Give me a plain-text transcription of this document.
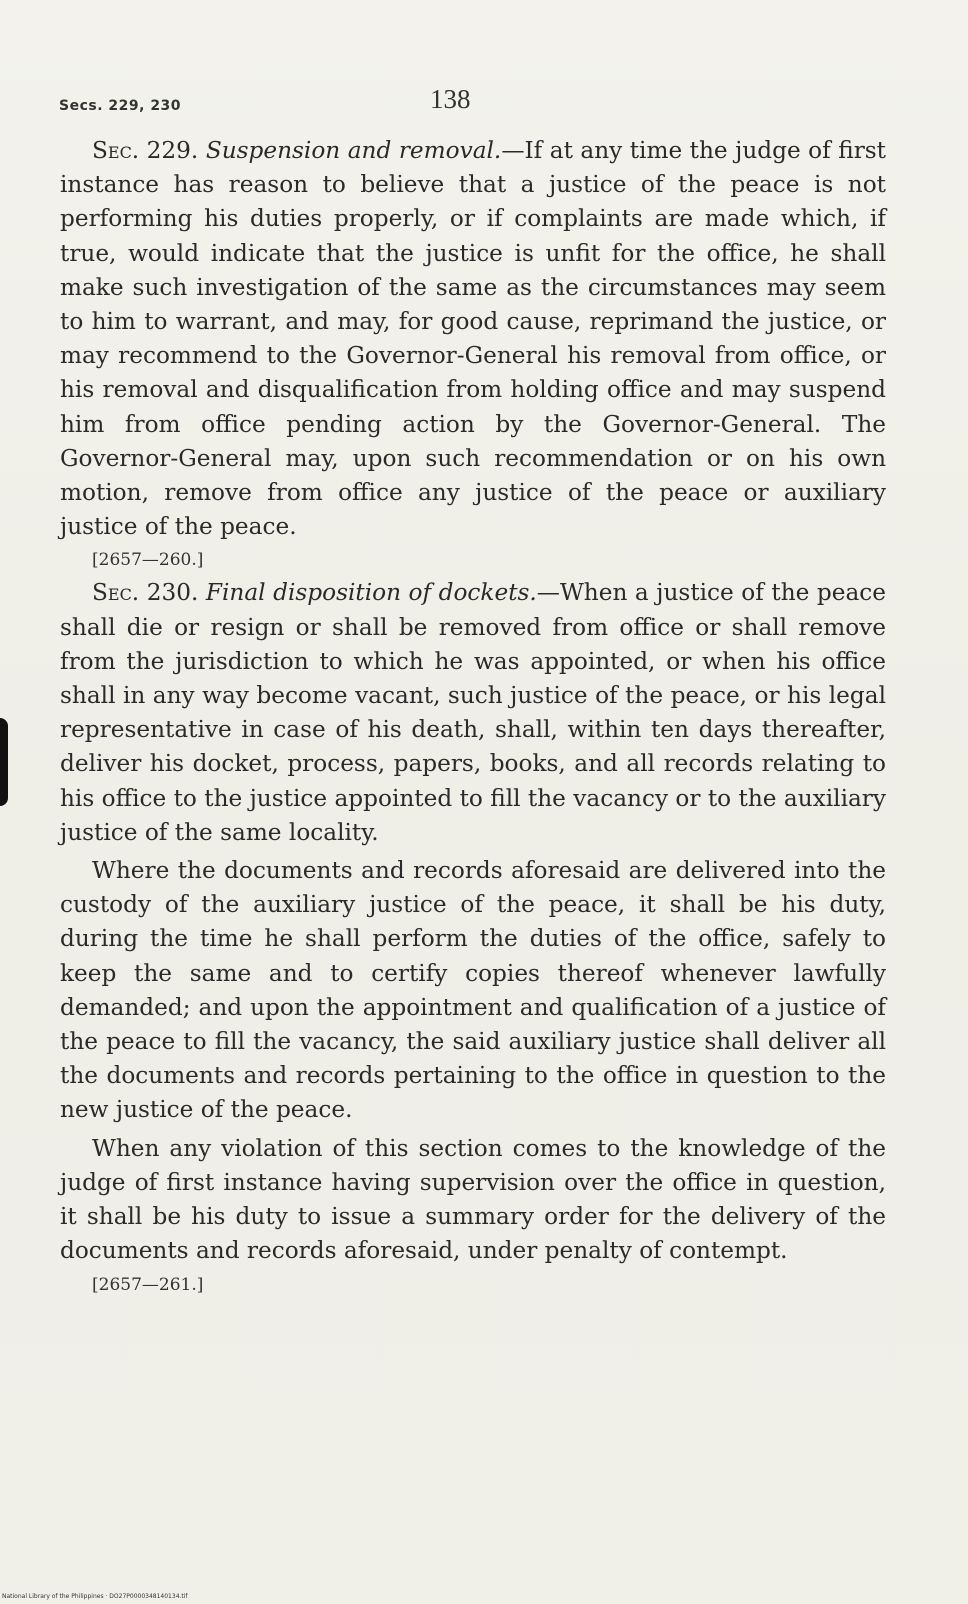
Secs. 229, 230	138

Sec. 229. Suspension and removal.—If at any time the judge of first instance has reason to believe that a justice of the peace is not performing his duties properly, or if complaints are made which, if true, would indicate that the justice is unfit for the office, he shall make such investigation of the same as the circumstances may seem to him to warrant, and may, for good cause, reprimand the justice, or may recommend to the Governor-General his removal from office, or his removal and disqualification from holding office and may suspend him from office pending action by the Governor-General. The Governor-General may, upon such recommendation or on his own motion, remove from office any justice of the peace or auxiliary justice of the peace.

[2657—260.]

Sec. 230. Final disposition of dockets.—When a justice of the peace shall die or resign or shall be removed from office or shall remove from the jurisdiction to which he was appointed, or when his office shall in any way become vacant, such justice of the peace, or his legal representative in case of his death, shall, within ten days thereafter, deliver his docket, process, papers, books, and all records relating to his office to the justice appointed to fill the vacancy or to the auxiliary justice of the same locality.

Where the documents and records aforesaid are delivered into the custody of the auxiliary justice of the peace, it shall be his duty, during the time he shall perform the duties of the office, safely to keep the same and to certify copies thereof whenever lawfully demanded; and upon the appointment and qualification of a justice of the peace to fill the vacancy, the said auxiliary justice shall deliver all the documents and records pertaining to the office in question to the new justice of the peace.

When any violation of this section comes to the knowledge of the judge of first instance having supervision over the office in question, it shall be his duty to issue a summary order for the delivery of the documents and records aforesaid, under penalty of contempt.

[2657—261.]
National Library of the Philippines · DO27P0000348140134.tif
